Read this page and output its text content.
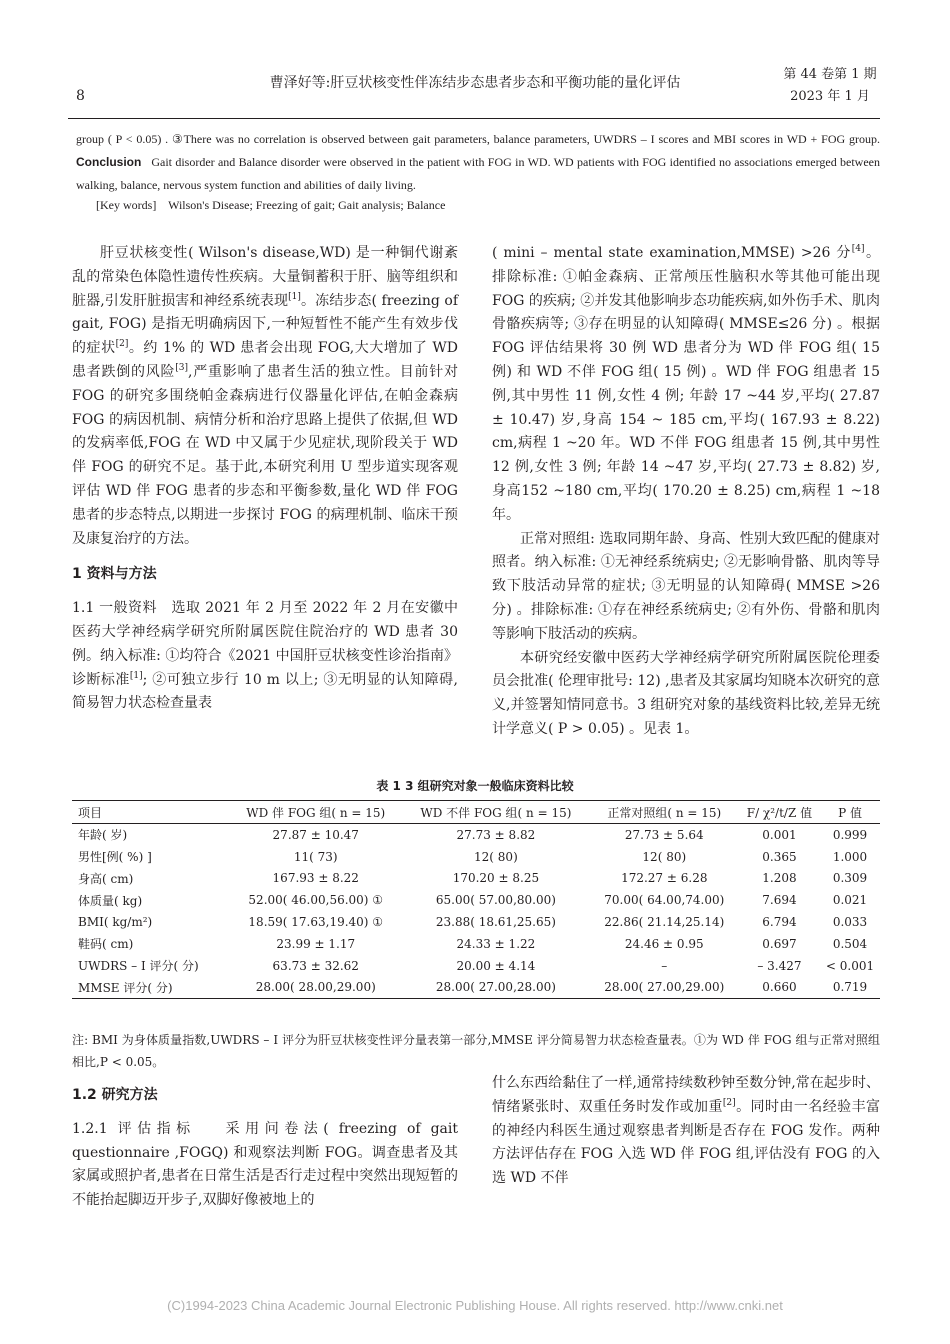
8
曹泽好等:肝豆状核变性伴冻结步态患者步态和平衡功能的量化评估
第 44 卷第 1 期
2023 年 1 月
group ( P < 0.05) . ③There was no correlation is observed between gait parameters, balance parameters, UWDRS – I scores and MBI scores in WD + FOG group. Conclusion Gait disorder and Balance disorder were observed in the patient with FOG in WD. WD patients with FOG identified no associations emerged between walking, balance, nervous system function and abilities of daily living.
[Key words] Wilson's Disease; Freezing of gait; Gait analysis; Balance

肝豆状核变性( Wilson's disease,WD) 是一种铜代谢紊乱的常染色体隐性遗传性疾病。大量铜蓄积于肝、脑等组织和脏器,引发肝脏损害和神经系统表现[1]。冻结步态( freezing of gait, FOG) 是指无明确病因下,一种短暂性不能产生有效步伐的症状[2]。约 1% 的 WD 患者会出现 FOG,大大增加了 WD 患者跌倒的风险[3],严重影响了患者生活的独立性。目前针对 FOG 的研究多围绕帕金森病进行仪器量化评估,在帕金森病 FOG 的病因机制、病情分析和治疗思路上提供了依据,但 WD 的发病率低,FOG 在 WD 中又属于少见症状,现阶段关于 WD 伴 FOG 的研究不足。基于此,本研究利用 U 型步道实现客观评估 WD 伴 FOG 患者的步态和平衡参数,量化 WD 伴 FOG 患者的步态特点,以期进一步探讨 FOG 的病理机制、临床干预及康复治疗的方法。

1 资料与方法

1.1 一般资料 选取 2021 年 2 月至 2022 年 2 月在安徽中医药大学神经病学研究所附属医院住院治疗的 WD 患者 30 例。纳入标准: ①均符合《2021 中国肝豆状核变性诊治指南》诊断标准[1]; ②可独立步行 10 m 以上; ③无明显的认知障碍,简易智力状态检查量表

( mini – mental state examination,MMSE) >26 分[4]。排除标准: ①帕金森病、正常颅压性脑积水等其他可能出现 FOG 的疾病; ②并发其他影响步态功能疾病,如外伤手术、肌肉骨骼疾病等; ③存在明显的认知障碍( MMSE≤26 分) 。根据 FOG 评估结果将 30 例 WD 患者分为 WD 伴 FOG 组( 15 例) 和 WD 不伴 FOG 组( 15 例) 。WD 伴 FOG 组患者 15 例,其中男性 11 例,女性 4 例; 年龄 17 ~44 岁,平均( 27.87 ± 10.47) 岁,身高 154 ~ 185 cm,平均( 167.93 ± 8.22) cm,病程 1 ~20 年。WD 不伴 FOG 组患者 15 例,其中男性 12 例,女性 3 例; 年龄 14 ~47 岁,平均( 27.73 ± 8.82) 岁,身高152 ~180 cm,平均( 170.20 ± 8.25) cm,病程 1 ~18 年。

正常对照组: 选取同期年龄、身高、性别大致匹配的健康对照者。纳入标准: ①无神经系统病史; ②无影响骨骼、肌肉等导致下肢活动异常的症状; ③无明显的认知障碍( MMSE >26 分) 。排除标准: ①存在神经系统病史; ②有外伤、骨骼和肌肉等影响下肢活动的疾病。

本研究经安徽中医药大学神经病学研究所附属医院伦理委员会批准( 伦理审批号: 12) ,患者及其家属均知晓本次研究的意义,并签署知情同意书。3 组研究对象的基线资料比较,差异无统计学意义( P > 0.05) 。见表 1。

表 1 3 组研究对象一般临床资料比较
项目	WD 伴 FOG 组( n = 15)	WD 不伴 FOG 组( n = 15)	正常对照组( n = 15)	F/ χ²/t/Z 值	P 值
年龄( 岁)	27.87 ± 10.47	27.73 ± 8.82	27.73 ± 5.64	0.001	0.999
男性[例( %) ]	11( 73)	12( 80)	12( 80)	0.365	1.000
身高( cm)	167.93 ± 8.22	170.20 ± 8.25	172.27 ± 6.28	1.208	0.309
体质量( kg)	52.00( 46.00,56.00) ①	65.00( 57.00,80.00)	70.00( 64.00,74.00)	7.694	0.021
BMI( kg/m²)	18.59( 17.63,19.40) ①	23.88( 18.61,25.65)	22.86( 21.14,25.14)	6.794	0.033
鞋码( cm)	23.99 ± 1.17	24.33 ± 1.22	24.46 ± 0.95	0.697	0.504
UWDRS – I 评分( 分)	63.73 ± 32.62	20.00 ± 4.14	–	– 3.427	< 0.001
MMSE 评分( 分)	28.00( 28.00,29.00)	28.00( 27.00,28.00)	28.00( 27.00,29.00)	0.660	0.719
注: BMI 为身体质量指数,UWDRS – I 评分为肝豆状核变性评分量表第一部分,MMSE 评分简易智力状态检查量表。①为 WD 伴 FOG 组与正常对照组相比,P < 0.05。

1.2 研究方法

1.2.1 评估指标 采用问卷法( freezing of gait questionnaire ,FOGQ) 和观察法判断 FOG。调查患者及其家属或照护者,患者在日常生活是否行走过程中突然出现短暂的不能抬起脚迈开步子,双脚好像被地上的

什么东西给黏住了一样,通常持续数秒钟至数分钟,常在起步时、情绪紧张时、双重任务时发作或加重[2]。同时由一名经验丰富的神经内科医生通过观察患者判断是否存在 FOG 发作。两种方法评估存在 FOG 入选 WD 伴 FOG 组,评估没有 FOG 的入选 WD 不伴

(C)1994-2023 China Academic Journal Electronic Publishing House. All rights reserved. http://www.cnki.net
